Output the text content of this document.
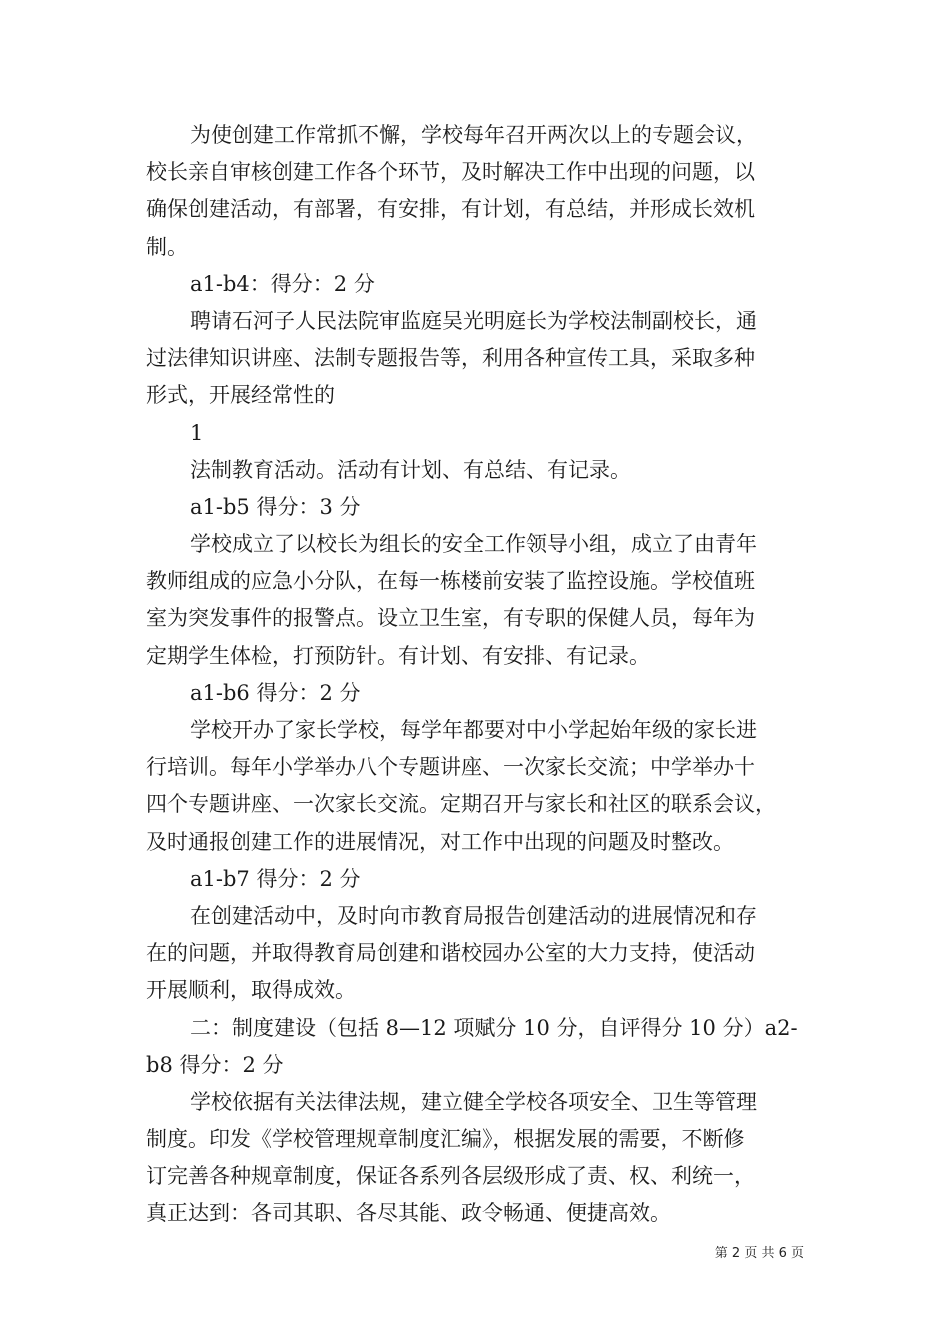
为使创建工作常抓不懈，学校每年召开两次以上的专题会议，
校长亲自审核创建工作各个环节，及时解决工作中出现的问题，以
确保创建活动，有部署，有安排，有计划，有总结，并形成长效机
制。
a1-b4：得分：2 分
聘请石河子人民法院审监庭吴光明庭长为学校法制副校长，通
过法律知识讲座、法制专题报告等，利用各种宣传工具，采取多种
形式，开展经常性的
1
法制教育活动。活动有计划、有总结、有记录。
a1-b5 得分：3 分
学校成立了以校长为组长的安全工作领导小组，成立了由青年
教师组成的应急小分队，在每一栋楼前安装了监控设施。学校值班
室为突发事件的报警点。设立卫生室，有专职的保健人员，每年为
定期学生体检，打预防针。有计划、有安排、有记录。
a1-b6 得分：2 分
学校开办了家长学校，每学年都要对中小学起始年级的家长进
行培训。每年小学举办八个专题讲座、一次家长交流；中学举办十
四个专题讲座、一次家长交流。定期召开与家长和社区的联系会议，
及时通报创建工作的进展情况，对工作中出现的问题及时整改。
a1-b7 得分：2 分
在创建活动中，及时向市教育局报告创建活动的进展情况和存
在的问题，并取得教育局创建和谐校园办公室的大力支持，使活动
开展顺利，取得成效。
二：制度建设（包括 8—12 项赋分 10 分，自评得分 10 分）a2-
b8 得分：2 分
学校依据有关法律法规，建立健全学校各项安全、卫生等管理
制度。印发《学校管理规章制度汇编》，根据发展的需要，不断修
订完善各种规章制度，保证各系列各层级形成了责、权、利统一，
真正达到：各司其职、各尽其能、政令畅通、便捷高效。
第 2 页 共 6 页
